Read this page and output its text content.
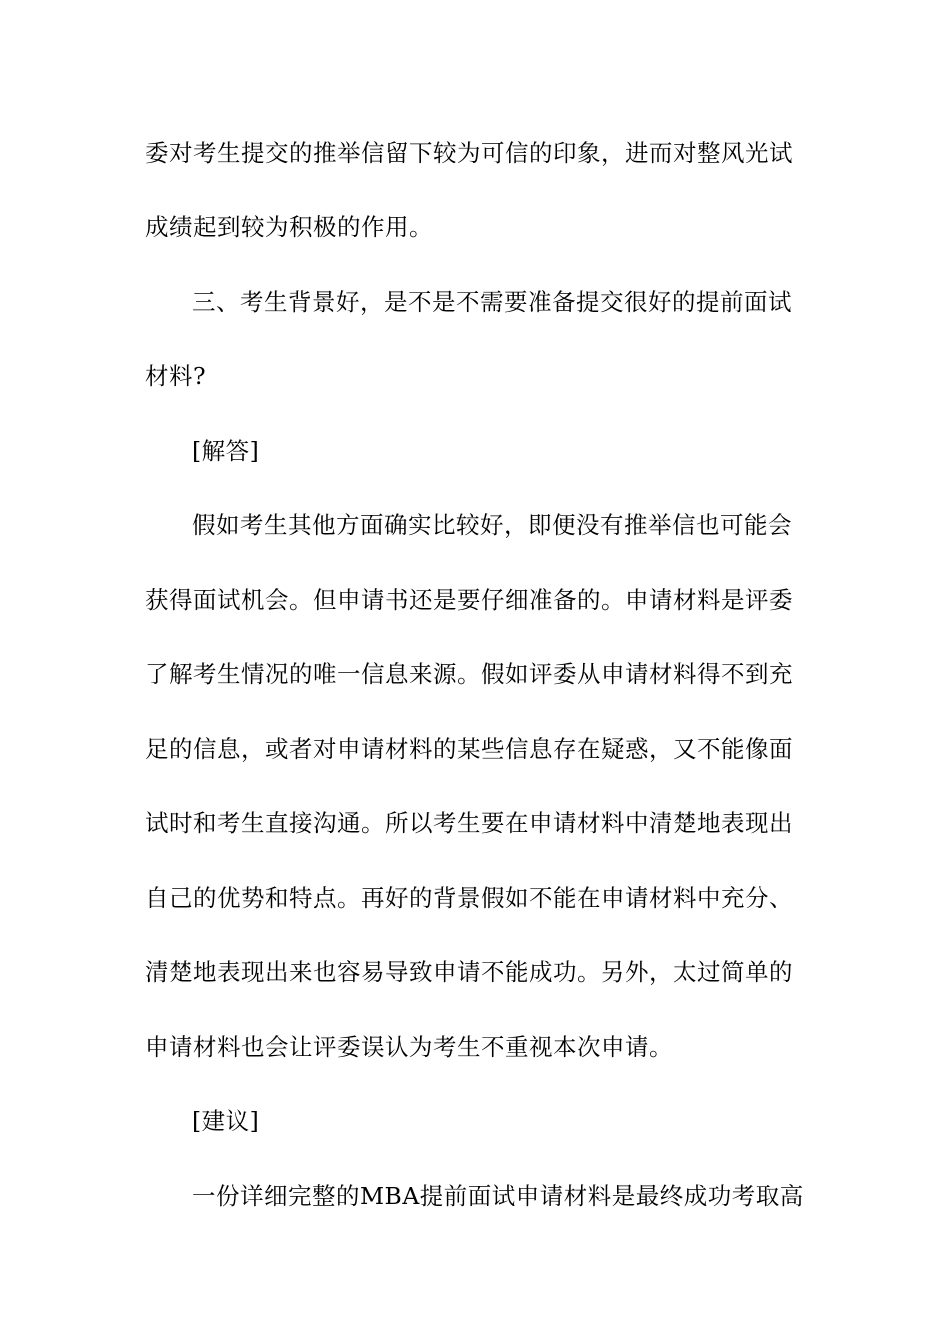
委对考生提交的推举信留下较为可信的印象，进而对整风光试
成绩起到较为积极的作用。
三、考生背景好，是不是不需要准备提交很好的提前面试
材料?
[解答]
假如考生其他方面确实比较好，即便没有推举信也可能会
获得面试机会。但申请书还是要仔细准备的。申请材料是评委
了解考生情况的唯一信息来源。假如评委从申请材料得不到充
足的信息，或者对申请材料的某些信息存在疑惑，又不能像面
试时和考生直接沟通。所以考生要在申请材料中清楚地表现出
自己的优势和特点。再好的背景假如不能在申请材料中充分、
清楚地表现出来也容易导致申请不能成功。另外，太过简单的
申请材料也会让评委误认为考生不重视本次申请。
[建议]
一份详细完整的MBA提前面试申请材料是最终成功考取高
